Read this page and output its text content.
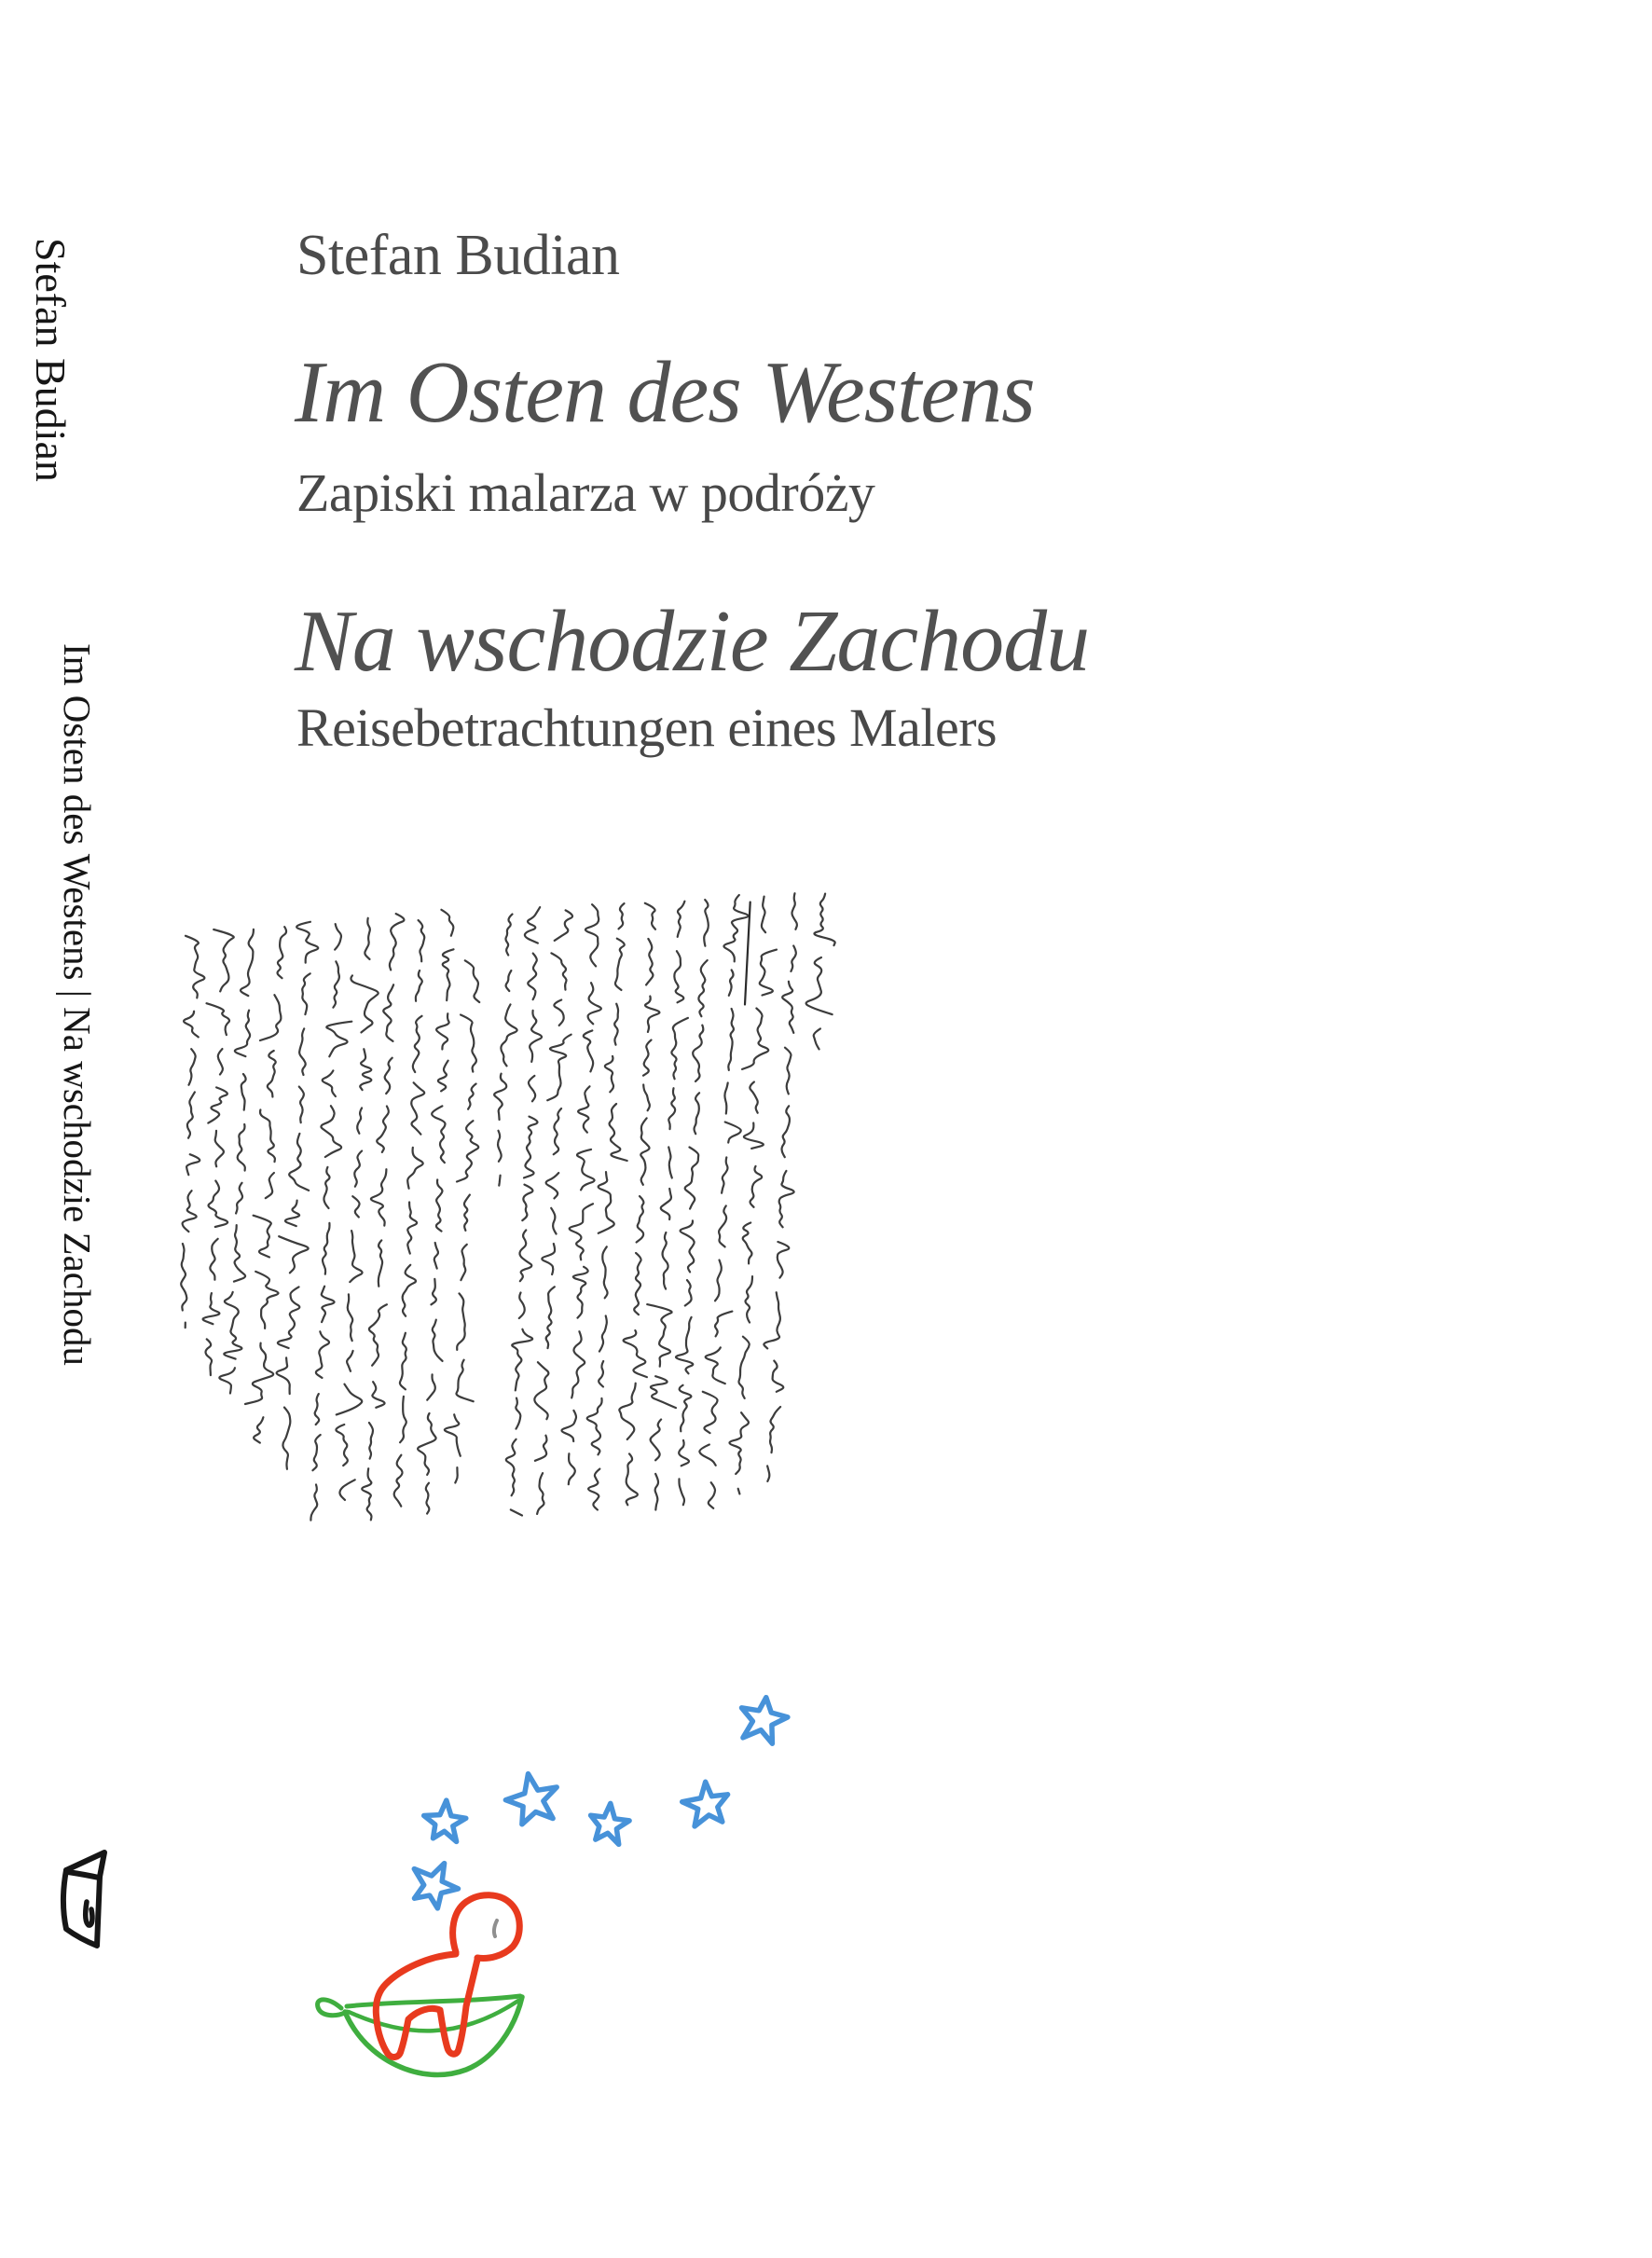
Stefan Budian
Im Osten des Westens
Zapiski malarza w podróży
Na wschodzie Zachodu
Reisebetrachtungen eines Malers
Stefan Budian
Im Osten des Westens | Na wschodzie Zachodu
